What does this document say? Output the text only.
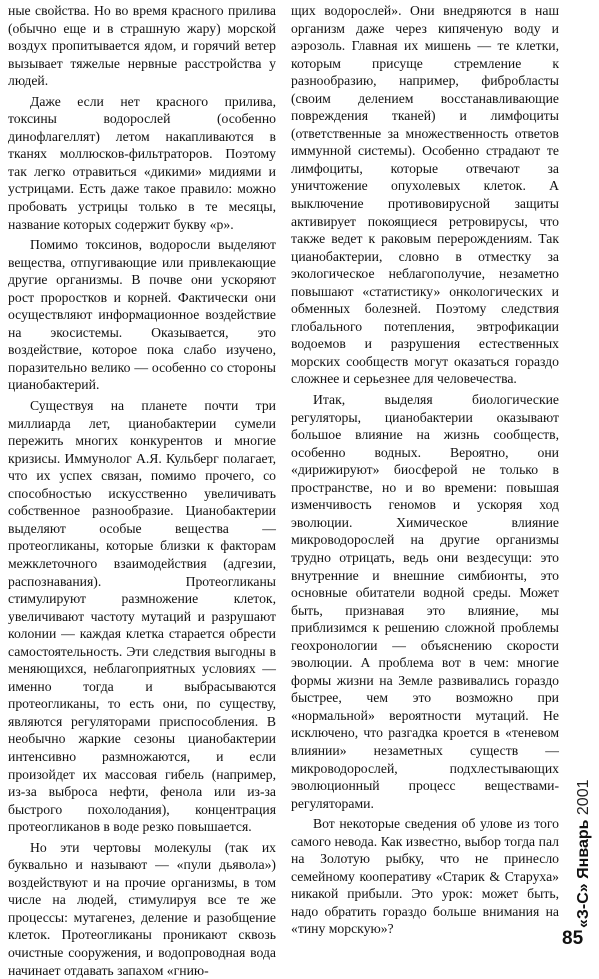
ные свойства. Но во время красного прилива (обычно еще и в страшную жару) морской воздух пропитывается ядом, и горячий ветер вызывает тяжелые нервные расстройства у людей.

Даже если нет красного прилива, токсины водорослей (особенно динофлагеллят) летом накапливаются в тканях моллюсков-фильтраторов. Поэтому так легко отравиться «дикими» мидиями и устрицами. Есть даже такое правило: можно пробовать устрицы только в те месяцы, название которых содержит букву «р».

Помимо токсинов, водоросли выделяют вещества, отпугивающие или привлекающие другие организмы. В почве они ускоряют рост проростков и корней. Фактически они осуществляют информационное воздействие на экосистемы. Оказывается, это воздействие, которое пока слабо изучено, поразительно велико — особенно со стороны цианобактерий.

Существуя на планете почти три миллиарда лет, цианобактерии сумели пережить многих конкурентов и многие кризисы. Иммунолог А.Я. Кульберг полагает, что их успех связан, помимо прочего, со способностью искусственно увеличивать собственное разнообразие. Цианобактерии выделяют особые вещества — протеогликаны, которые близки к факторам межклеточного взаимодействия (адгезии, распознавания). Протеогликаны стимулируют размножение клеток, увеличивают частоту мутаций и разрушают колонии — каждая клетка старается обрести самостоятельность. Эти следствия выгодны в меняющихся, неблагоприятных условиях — именно тогда и выбрасываются протеогликаны, то есть они, по существу, являются регуляторами приспособления. В необычно жаркие сезоны цианобактерии интенсивно размножаются, и если произойдет их массовая гибель (например, из-за выброса нефти, фенола или из-за быстрого похолодания), концентрация протеогликанов в воде резко повышается.

Но эти чертовы молекулы (так их буквально и называют — «пули дьявола») воздействуют и на прочие организмы, в том числе на людей, стимулируя все те же процессы: мутагенез, деление и разобщение клеток. Протеогликаны проникают сквозь очистные сооружения, и водопроводная вода начинает отдавать запахом «гнию-

щих водорослей». Они внедряются в наш организм даже через кипяченую воду и аэрозоль. Главная их мишень — те клетки, которым присуще стремление к разнообразию, например, фибробласты (своим делением восстанавливающие повреждения тканей) и лимфоциты (ответственные за множественность ответов иммунной системы). Особенно страдают те лимфоциты, которые отвечают за уничтожение опухолевых клеток. А выключение противовирусной защиты активирует покоящиеся ретровирусы, что также ведет к раковым перерождениям. Так цианобактерии, словно в отместку за экологическое неблагополучие, незаметно повышают «статистику» онкологических и обменных болезней. Поэтому следствия глобального потепления, эвтрофикации водоемов и разрушения естественных морских сообществ могут оказаться гораздо сложнее и серьезнее для человечества.

Итак, выделяя биологические регуляторы, цианобактерии оказывают большое влияние на жизнь сообществ, особенно водных. Вероятно, они «дирижируют» биосферой не только в пространстве, но и во времени: повышая изменчивость геномов и ускоряя ход эволюции. Химическое влияние микроводорослей на другие организмы трудно отрицать, ведь они вездесущи: это внутренние и внешние симбионты, это основные обитатели водной среды. Может быть, признавая это влияние, мы приблизимся к решению сложной проблемы геохронологии — объяснению скорости эволюции. А проблема вот в чем: многие формы жизни на Земле развивались гораздо быстрее, чем это возможно при «нормальной» вероятности мутаций. Не исключено, что разгадка кроется в «теневом влиянии» незаметных существ — микроводорослей, подхлестывающих эволюционный процесс веществами-регуляторами.

Вот некоторые сведения об улове из того самого невода. Как известно, выбор тогда пал на Золотую рыбку, что не принесло семейному кооперативу «Старик & Старуха» никакой прибыли. Это урок: может быть, надо обратить гораздо больше внимания на «тину морскую»?

«З-С» Январь 2001
85
